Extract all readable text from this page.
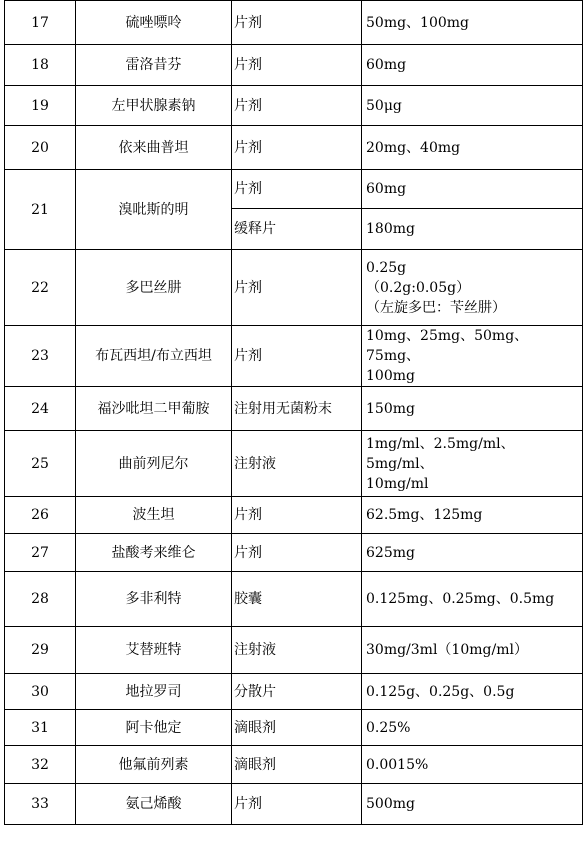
17	硫唑嘌呤	片剂	50mg、100mg

18	雷洛昔芬	片剂	60mg

19	左甲状腺素钠	片剂	50μg

20	依来曲普坦	片剂	20mg、40mg

21	溴吡斯的明	片剂	60mg

		缓释片	180mg

22	多巴丝肼	片剂	0.25g
（0.2g:0.05g）
（左旋多巴：苄丝肼）

23	布瓦西坦/布立西坦	片剂	10mg、25mg、50mg、75mg、
100mg

24	福沙吡坦二甲葡胺	注射用无菌粉末	150mg

25	曲前列尼尔	注射液	1mg/ml、2.5mg/ml、5mg/ml、
10mg/ml

26	波生坦	片剂	62.5mg、125mg

27	盐酸考来维仑	片剂	625mg

28	多非利特	胶囊	0.125mg、0.25mg、0.5mg

29	艾替班特	注射液	30mg/3ml（10mg/ml）

30	地拉罗司	分散片	0.125g、0.25g、0.5g

31	阿卡他定	滴眼剂	0.25%

32	他氟前列素	滴眼剂	0.0015%

33	氨己烯酸	片剂	500mg
